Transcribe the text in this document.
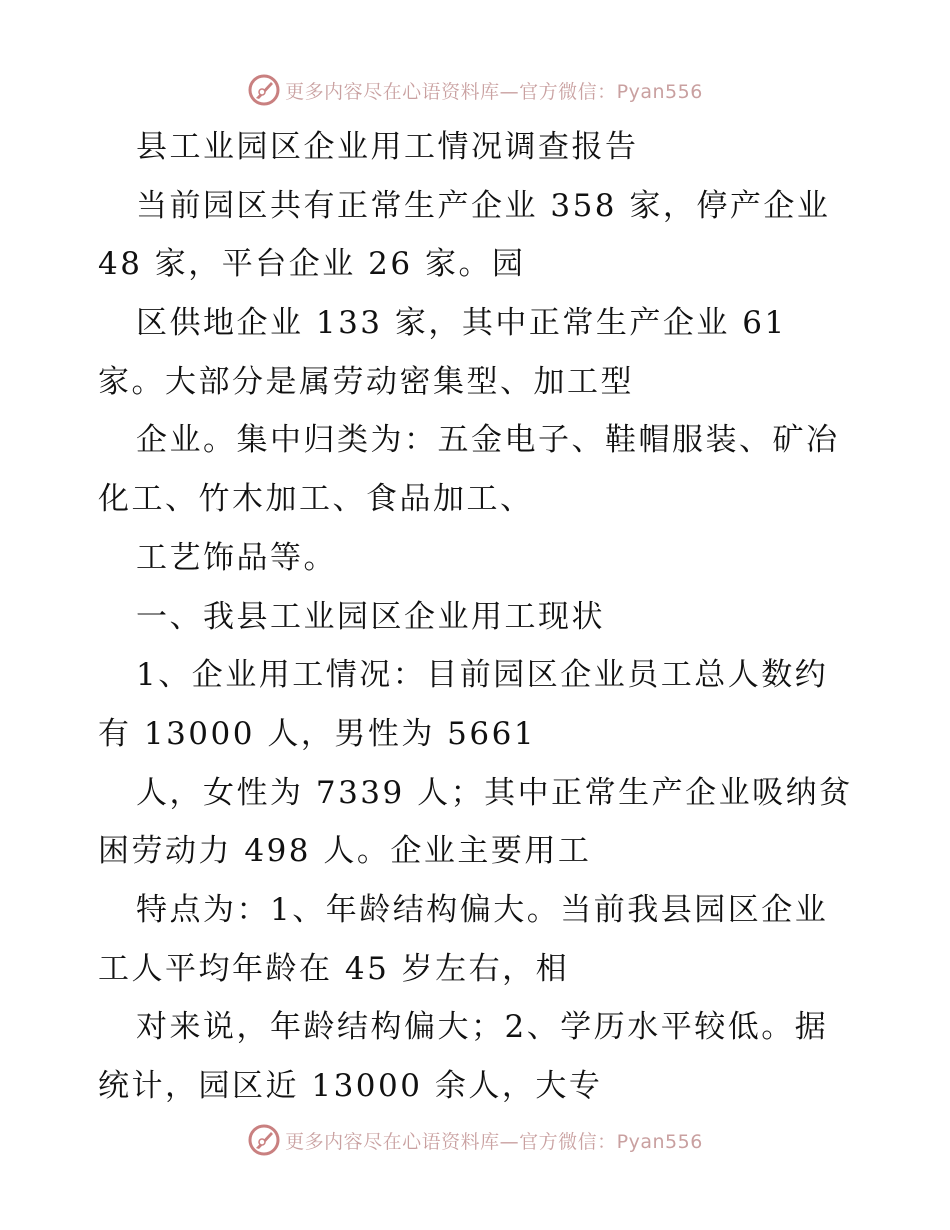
更多内容尽在心语资料库—官方微信：Pyan556
县工业园区企业用工情况调查报告
当前园区共有正常生产企业 358 家，停产企业
48 家，平台企业 26 家。园
区供地企业 133 家，其中正常生产企业 61
家。大部分是属劳动密集型、加工型
企业。集中归类为：五金电子、鞋帽服装、矿冶
化工、竹木加工、食品加工、
工艺饰品等。
一、我县工业园区企业用工现状
1、企业用工情况：目前园区企业员工总人数约
有 13000 人，男性为 5661
人，女性为 7339 人；其中正常生产企业吸纳贫
困劳动力 498 人。企业主要用工
特点为：1、年龄结构偏大。当前我县园区企业
工人平均年龄在 45 岁左右，相
对来说，年龄结构偏大；2、学历水平较低。据
统计，园区近 13000 余人，大专
更多内容尽在心语资料库—官方微信：Pyan556
